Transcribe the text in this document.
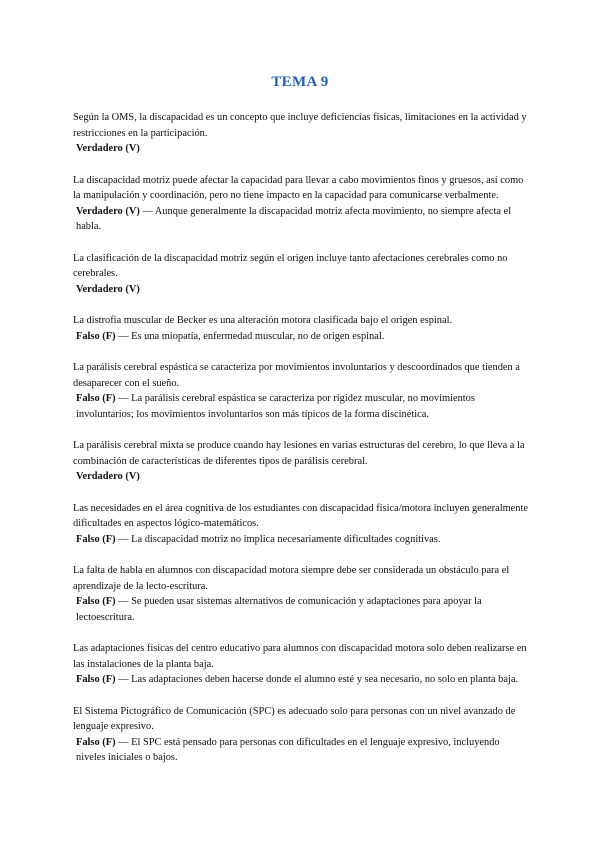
TEMA 9

Según la OMS, la discapacidad es un concepto que incluye deficiencias físicas, limitaciones en la actividad y restricciones en la participación.

Verdadero (V)

La discapacidad motriz puede afectar la capacidad para llevar a cabo movimientos finos y gruesos, así como la manipulación y coordinación, pero no tiene impacto en la capacidad para comunicarse verbalmente.

Verdadero (V) — Aunque generalmente la discapacidad motriz afecta movimiento, no siempre afecta el habla.

La clasificación de la discapacidad motriz según el origen incluye tanto afectaciones cerebrales como no cerebrales.

Verdadero (V)

La distrofia muscular de Becker es una alteración motora clasificada bajo el origen espinal.

Falso (F) — Es una miopatía, enfermedad muscular, no de origen espinal.

La parálisis cerebral espástica se caracteriza por movimientos involuntarios y descoordinados que tienden a desaparecer con el sueño.

Falso (F) — La parálisis cerebral espástica se caracteriza por rigidez muscular, no movimientos involuntarios; los movimientos involuntarios son más típicos de la forma discinética.

La parálisis cerebral mixta se produce cuando hay lesiones en varias estructuras del cerebro, lo que lleva a la combinación de características de diferentes tipos de parálisis cerebral.

Verdadero (V)

Las necesidades en el área cognitiva de los estudiantes con discapacidad física/motora incluyen generalmente dificultades en aspectos lógico-matemáticos.

Falso (F) — La discapacidad motriz no implica necesariamente dificultades cognitivas.

La falta de habla en alumnos con discapacidad motora siempre debe ser considerada un obstáculo para el aprendizaje de la lecto-escritura.

Falso (F) — Se pueden usar sistemas alternativos de comunicación y adaptaciones para apoyar la lectoescritura.

Las adaptaciones físicas del centro educativo para alumnos con discapacidad motora solo deben realizarse en las instalaciones de la planta baja.

Falso (F) — Las adaptaciones deben hacerse donde el alumno esté y sea necesario, no solo en planta baja.

El Sistema Pictográfico de Comunicación (SPC) es adecuado solo para personas con un nivel avanzado de lenguaje expresivo.

Falso (F) — El SPC está pensado para personas con dificultades en el lenguaje expresivo, incluyendo niveles iniciales o bajos.
